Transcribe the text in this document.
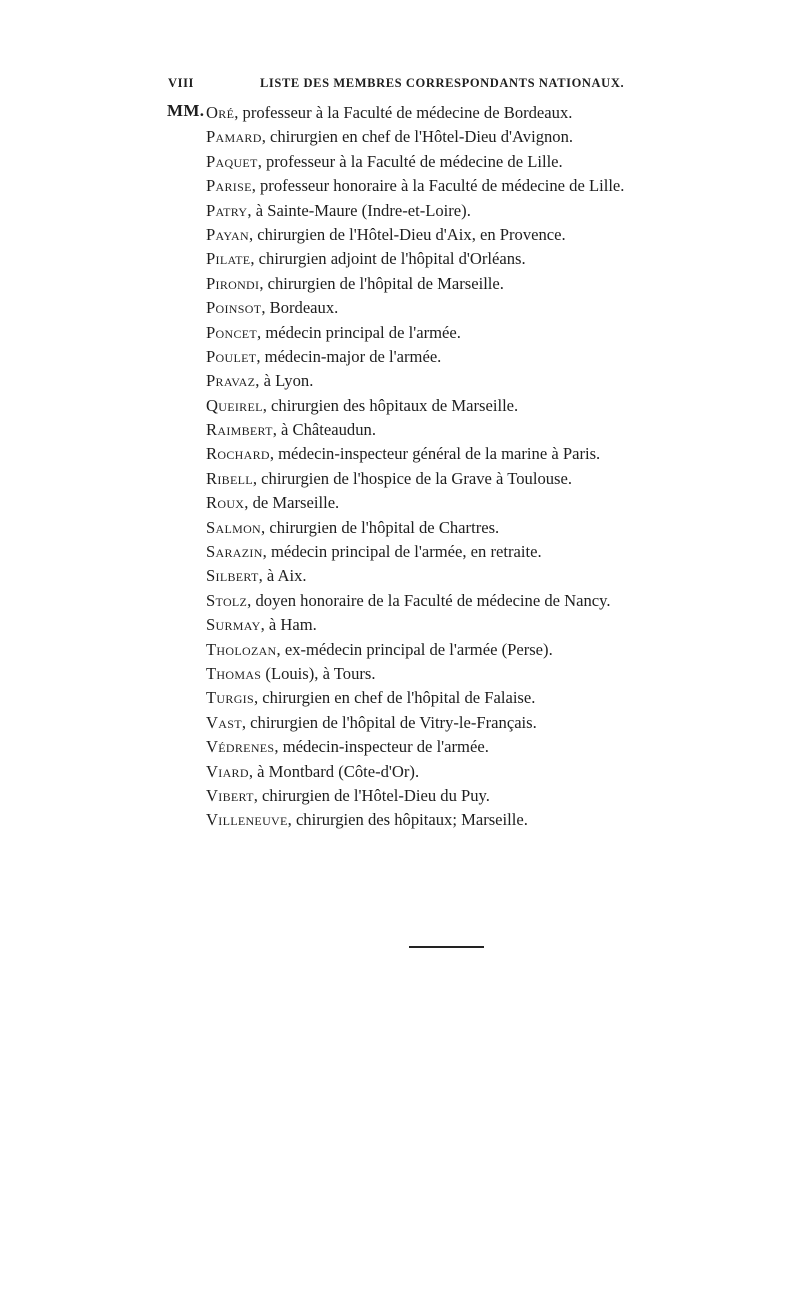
VIII	LISTE DES MEMBRES CORRESPONDANTS NATIONAUX.
MM. Oré, professeur à la Faculté de médecine de Bordeaux.
Pamard, chirurgien en chef de l'Hôtel-Dieu d'Avignon.
Paquet, professeur à la Faculté de médecine de Lille.
Parise, professeur honoraire à la Faculté de médecine de Lille.
Patry, à Sainte-Maure (Indre-et-Loire).
Payan, chirurgien de l'Hôtel-Dieu d'Aix, en Provence.
Pilate, chirurgien adjoint de l'hôpital d'Orléans.
Pirondi, chirurgien de l'hôpital de Marseille.
Poinsot, Bordeaux.
Poncet, médecin principal de l'armée.
Poulet, médecin-major de l'armée.
Pravaz, à Lyon.
Queirel, chirurgien des hôpitaux de Marseille.
Raimbert, à Châteaudun.
Rochard, médecin-inspecteur général de la marine à Paris.
Ribell, chirurgien de l'hospice de la Grave à Toulouse.
Roux, de Marseille.
Salmon, chirurgien de l'hôpital de Chartres.
Sarazin, médecin principal de l'armée, en retraite.
Silbert, à Aix.
Stolz, doyen honoraire de la Faculté de médecine de Nancy.
Surmay, à Ham.
Tholozan, ex-médecin principal de l'armée (Perse).
Thomas (Louis), à Tours.
Turgis, chirurgien en chef de l'hôpital de Falaise.
Vast, chirurgien de l'hôpital de Vitry-le-Français.
Védrenes, médecin-inspecteur de l'armée.
Viard, à Montbard (Côte-d'Or).
Vibert, chirurgien de l'Hôtel-Dieu du Puy.
Villeneuve, chirurgien des hôpitaux; Marseille.
